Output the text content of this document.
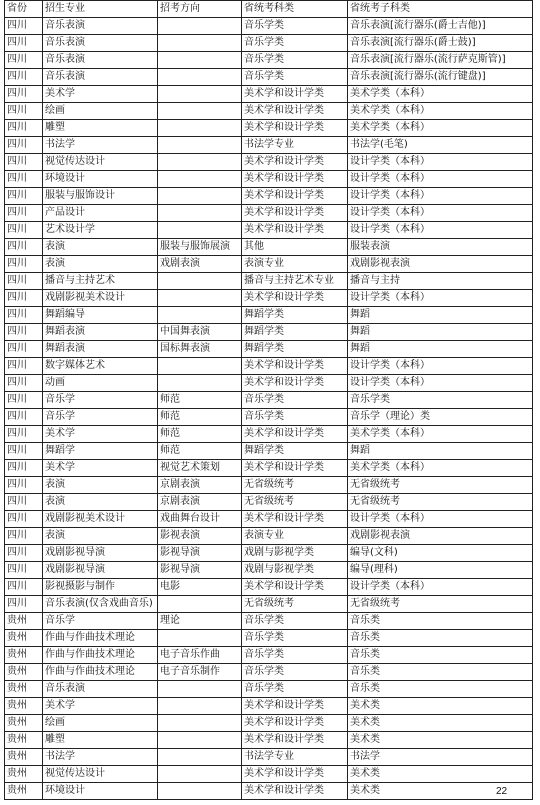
省份	招生专业	招考方向	省统考科类	省统考子科类
四川	音乐表演		音乐学类	音乐表演[流行器乐(爵士吉他)]
四川	音乐表演		音乐学类	音乐表演[流行器乐(爵士鼓)]
四川	音乐表演		音乐学类	音乐表演[流行器乐(流行萨克斯管)]
四川	音乐表演		音乐学类	音乐表演[流行器乐(流行键盘)]
四川	美术学		美术学和设计学类	美术学类（本科）
四川	绘画		美术学和设计学类	美术学类（本科）
四川	雕塑		美术学和设计学类	美术学类（本科）
四川	书法学		书法学专业	书法学(毛笔)
四川	视觉传达设计		美术学和设计学类	设计学类（本科）
四川	环境设计		美术学和设计学类	设计学类（本科）
四川	服装与服饰设计		美术学和设计学类	设计学类（本科）
四川	产品设计		美术学和设计学类	设计学类（本科）
四川	艺术设计学		美术学和设计学类	设计学类（本科）
四川	表演	服装与服饰展演	其他	服装表演
四川	表演	戏剧表演	表演专业	戏剧影视表演
四川	播音与主持艺术		播音与主持艺术专业	播音与主持
四川	戏剧影视美术设计		美术学和设计学类	设计学类（本科）
四川	舞蹈编导		舞蹈学类	舞蹈
四川	舞蹈表演	中国舞表演	舞蹈学类	舞蹈
四川	舞蹈表演	国标舞表演	舞蹈学类	舞蹈
四川	数字媒体艺术		美术学和设计学类	设计学类（本科）
四川	动画		美术学和设计学类	设计学类（本科）
四川	音乐学	师范	音乐学类	音乐学类
四川	音乐学	师范	音乐学类	音乐学（理论）类
四川	美术学	师范	美术学和设计学类	美术学类（本科）
四川	舞蹈学	师范	舞蹈学类	舞蹈
四川	美术学	视觉艺术策划	美术学和设计学类	美术学类（本科）
四川	表演	京剧表演	无省级统考	无省级统考
四川	表演	京剧表演	无省级统考	无省级统考
四川	戏剧影视美术设计	戏曲舞台设计	美术学和设计学类	设计学类（本科）
四川	表演	影视表演	表演专业	戏剧影视表演
四川	戏剧影视导演	影视导演	戏剧与影视学类	编导(文科)
四川	戏剧影视导演	影视导演	戏剧与影视学类	编导(理科)
四川	影视摄影与制作	电影	美术学和设计学类	设计学类（本科）
四川	音乐表演(仅含戏曲音乐)		无省级统考	无省级统考
贵州	音乐学	理论	音乐学类	音乐类
贵州	作曲与作曲技术理论		音乐学类	音乐类
贵州	作曲与作曲技术理论	电子音乐作曲	音乐学类	音乐类
贵州	作曲与作曲技术理论	电子音乐制作	音乐学类	音乐类
贵州	音乐表演		音乐学类	音乐类
贵州	美术学		美术学和设计学类	美术类
贵州	绘画		美术学和设计学类	美术类
贵州	雕塑		美术学和设计学类	美术类
贵州	书法学		书法学专业	书法学
贵州	视觉传达设计		美术学和设计学类	美术类
贵州	环境设计		美术学和设计学类	美术类	22
